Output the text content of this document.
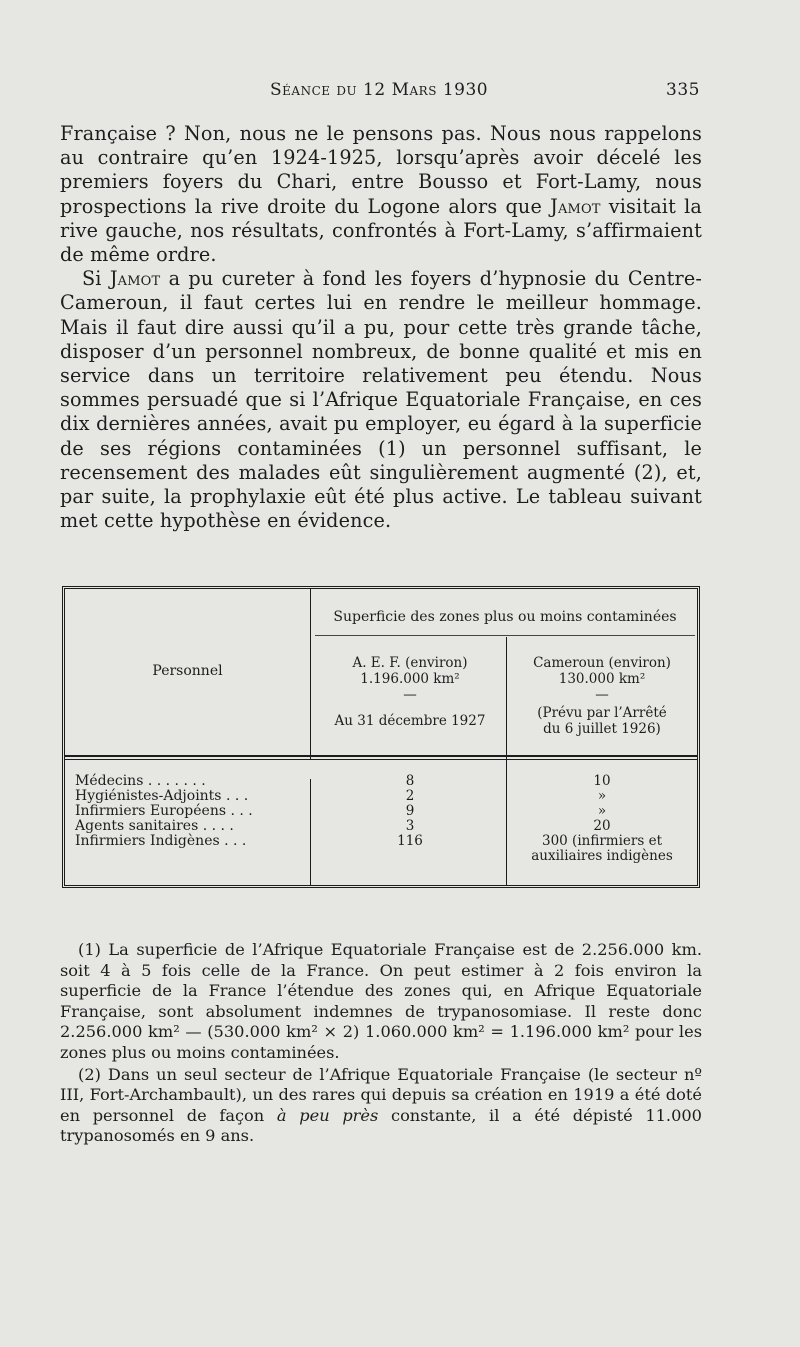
Séance du 12 Mars 1930	335

Française ? Non, nous ne le pensons pas. Nous nous rappelons au contraire qu’en 1924-1925, lorsqu’après avoir décelé les premiers foyers du Chari, entre Bousso et Fort-Lamy, nous prospections la rive droite du Logone alors que Jamot visitait la rive gauche, nos résultats, confrontés à Fort-Lamy, s’affirmaient de même ordre.

Si Jamot a pu cureter à fond les foyers d’hypnosie du Centre-Cameroun, il faut certes lui en rendre le meilleur hommage. Mais il faut dire aussi qu’il a pu, pour cette très grande tâche, disposer d’un personnel nombreux, de bonne qualité et mis en service dans un territoire relativement peu étendu. Nous sommes persuadé que si l’Afrique Equatoriale Française, en ces dix dernières années, avait pu employer, eu égard à la superficie de ses régions contaminées (1) un personnel suffisant, le recensement des malades eût singulièrement augmenté (2), et, par suite, la prophylaxie eût été plus active. Le tableau suivant met cette hypothèse en évidence.

Superficie des zones plus ou moins contaminées
Personnel	A. E. F. (environ)
1.196.000 km²
—
Au 31 décembre 1927
Cameroun (environ)
130.000 km²
—
(Prévu par l’Arrêté
du 6 juillet 1926)
Médecins . . . . . . .
Hygiénistes-Adjoints . . .
Infirmiers Européens . . .
Agents sanitaires . . . .
Infirmiers Indigènes . . .
8
2
9
3
116
10
»
»
20
300 (infirmiers et
auxiliaires indigènes

(1) La superficie de l’Afrique Equatoriale Française est de 2.256.000 km. soit 4 à 5 fois celle de la France. On peut estimer à 2 fois environ la superficie de la France l’étendue des zones qui, en Afrique Equatoriale Française, sont absolument indemnes de trypanosomiase. Il reste donc 2.256.000 km² — (530.000 km² × 2) 1.060.000 km² = 1.196.000 km² pour les zones plus ou moins contaminées.

(2) Dans un seul secteur de l’Afrique Equatoriale Française (le secteur nº III, Fort-Archambault), un des rares qui depuis sa création en 1919 a été doté en personnel de façon à peu près constante, il a été dépisté 11.000 trypanosomés en 9 ans.
